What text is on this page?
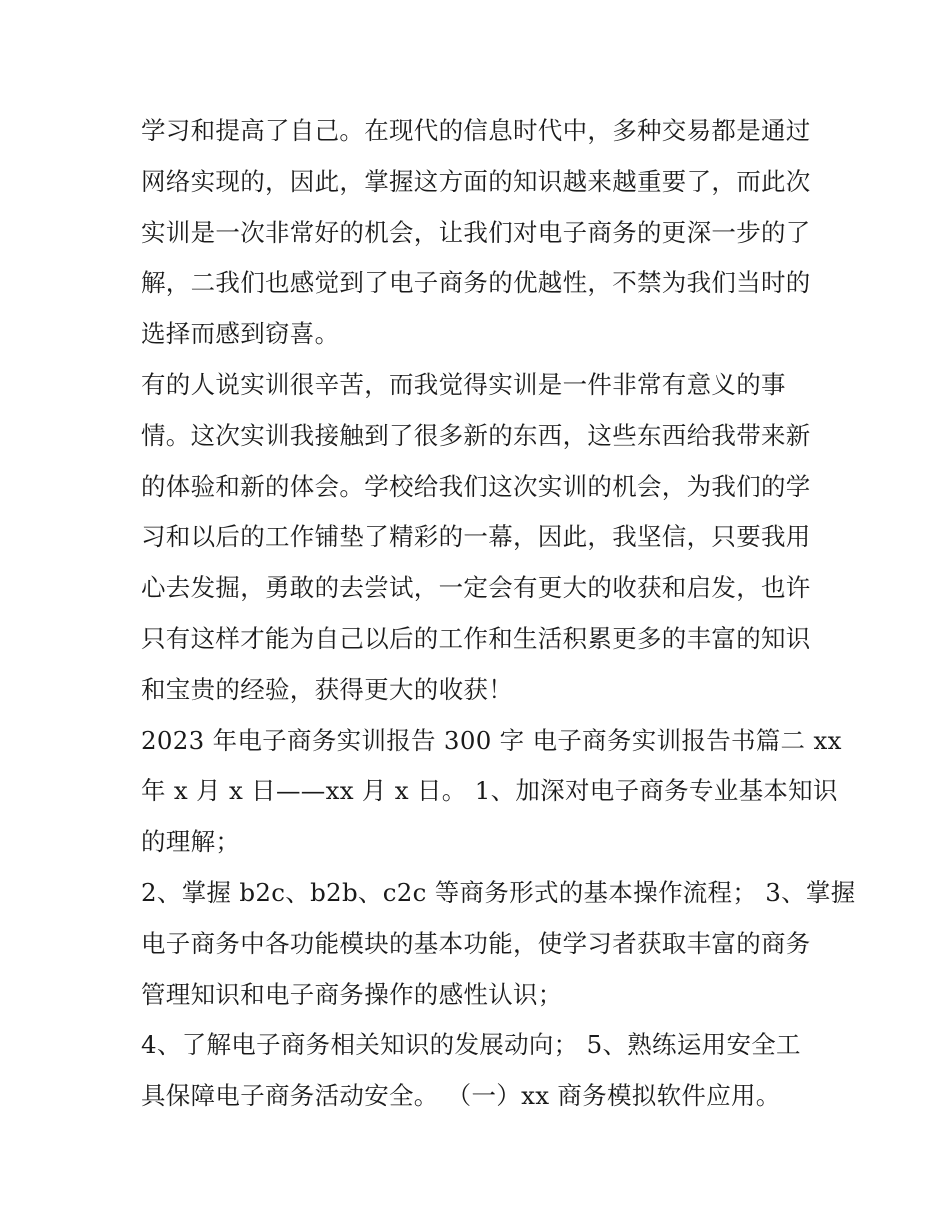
学习和提高了自己。在现代的信息时代中，多种交易都是通过
网络实现的，因此，掌握这方面的知识越来越重要了，而此次
实训是一次非常好的机会，让我们对电子商务的更深一步的了
解，二我们也感觉到了电子商务的优越性，不禁为我们当时的
选择而感到窃喜。
有的人说实训很辛苦，而我觉得实训是一件非常有意义的事
情。这次实训我接触到了很多新的东西，这些东西给我带来新
的体验和新的体会。学校给我们这次实训的机会，为我们的学
习和以后的工作铺垫了精彩的一幕，因此，我坚信，只要我用
心去发掘，勇敢的去尝试，一定会有更大的收获和启发，也许
只有这样才能为自己以后的工作和生活积累更多的丰富的知识
和宝贵的经验，获得更大的收获！
2023 年电子商务实训报告 300 字 电子商务实训报告书篇二 xx
年 x 月 x 日——xx 月 x 日。 1、加深对电子商务专业基本知识
的理解；
2、掌握 b2c、b2b、c2c 等商务形式的基本操作流程； 3、掌握
电子商务中各功能模块的基本功能，使学习者获取丰富的商务
管理知识和电子商务操作的感性认识；
4、了解电子商务相关知识的发展动向； 5、熟练运用安全工
具保障电子商务活动安全。 （一）xx 商务模拟软件应用。
